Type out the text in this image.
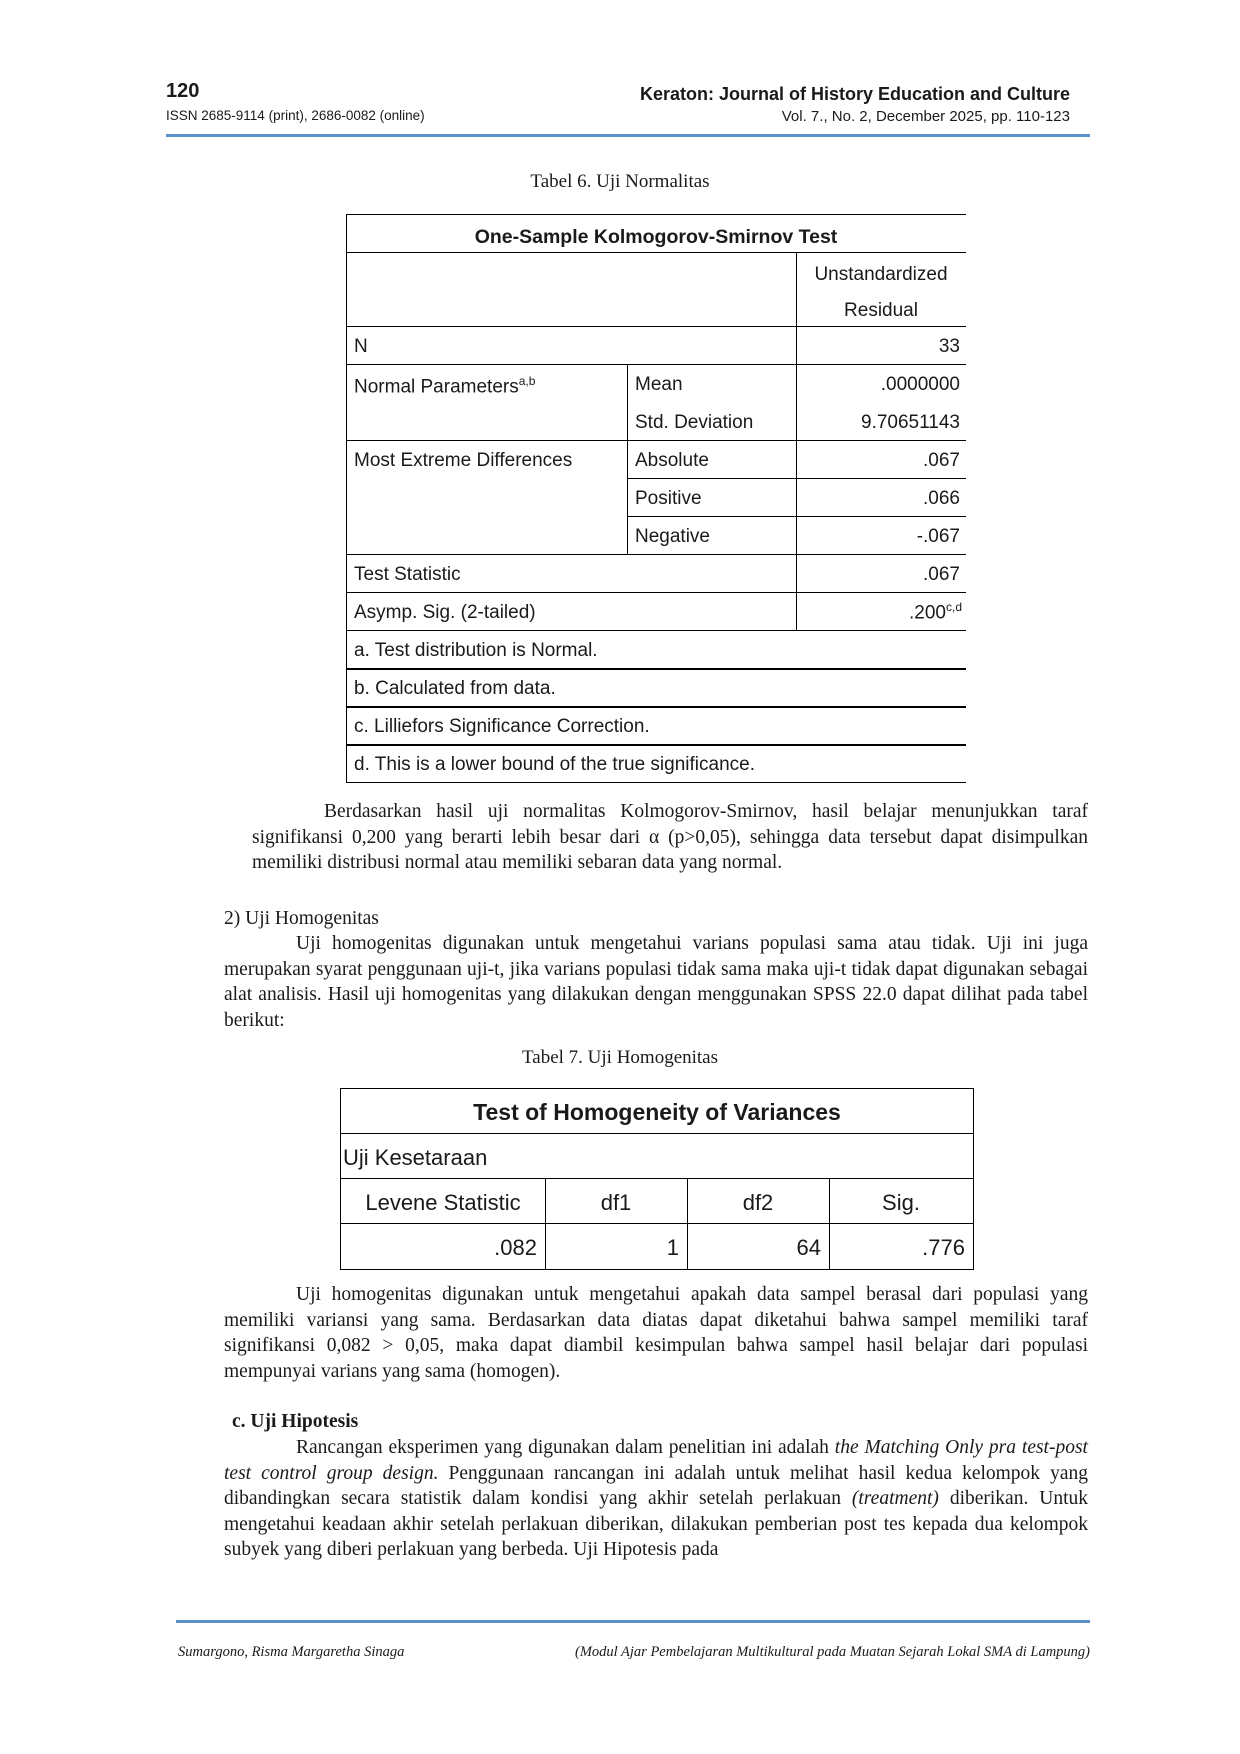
120
ISSN 2685-9114 (print), 2686-0082 (online)
Keraton: Journal of History Education and Culture
Vol. 7., No. 2, December 2025, pp. 110-123
Tabel 6. Uji Normalitas
One-Sample Kolmogorov-Smirnov Test
Unstandardized
Residual
N	33
Normal Parameters$^{a,b}$	Mean	.0000000
Std. Deviation	9.70651143
Most Extreme Differences	Absolute	.067
Positive	.066
Negative	-.067
Test Statistic	.067
Asymp. Sig. (2-tailed)	.200$^{c,d}$
a. Test distribution is Normal.
b. Calculated from data.
c. Lilliefors Significance Correction.
d. This is a lower bound of the true significance.
Berdasarkan hasil uji normalitas Kolmogorov-Smirnov, hasil belajar menunjukkan taraf signifikansi 0,200 yang berarti lebih besar dari α (p>0,05), sehingga data tersebut dapat disimpulkan memiliki distribusi normal atau memiliki sebaran data yang normal.
2) Uji Homogenitas
Uji homogenitas digunakan untuk mengetahui varians populasi sama atau tidak. Uji ini juga merupakan syarat penggunaan uji-t, jika varians populasi tidak sama maka uji-t tidak dapat digunakan sebagai alat analisis. Hasil uji homogenitas yang dilakukan dengan menggunakan SPSS 22.0 dapat dilihat pada tabel berikut:
Tabel 7. Uji Homogenitas
Test of Homogeneity of Variances
Uji Kesetaraan
Levene Statistic	df1	df2	Sig.
.082	1	64	.776
Uji homogenitas digunakan untuk mengetahui apakah data sampel berasal dari populasi yang memiliki variansi yang sama. Berdasarkan data diatas dapat diketahui bahwa sampel memiliki taraf signifikansi 0,082 > 0,05, maka dapat diambil kesimpulan bahwa sampel hasil belajar dari populasi mempunyai varians yang sama (homogen).
c. Uji Hipotesis
Rancangan eksperimen yang digunakan dalam penelitian ini adalah the Matching Only pra test-post test control group design. Penggunaan rancangan ini adalah untuk melihat hasil kedua kelompok yang dibandingkan secara statistik dalam kondisi yang akhir setelah perlakuan (treatment) diberikan. Untuk mengetahui keadaan akhir setelah perlakuan diberikan, dilakukan pemberian post tes kepada dua kelompok subyek yang diberi perlakuan yang berbeda. Uji Hipotesis pada
Sumargono, Risma Margaretha Sinaga	(Modul Ajar Pembelajaran Multikultural pada Muatan Sejarah Lokal SMA di Lampung)
